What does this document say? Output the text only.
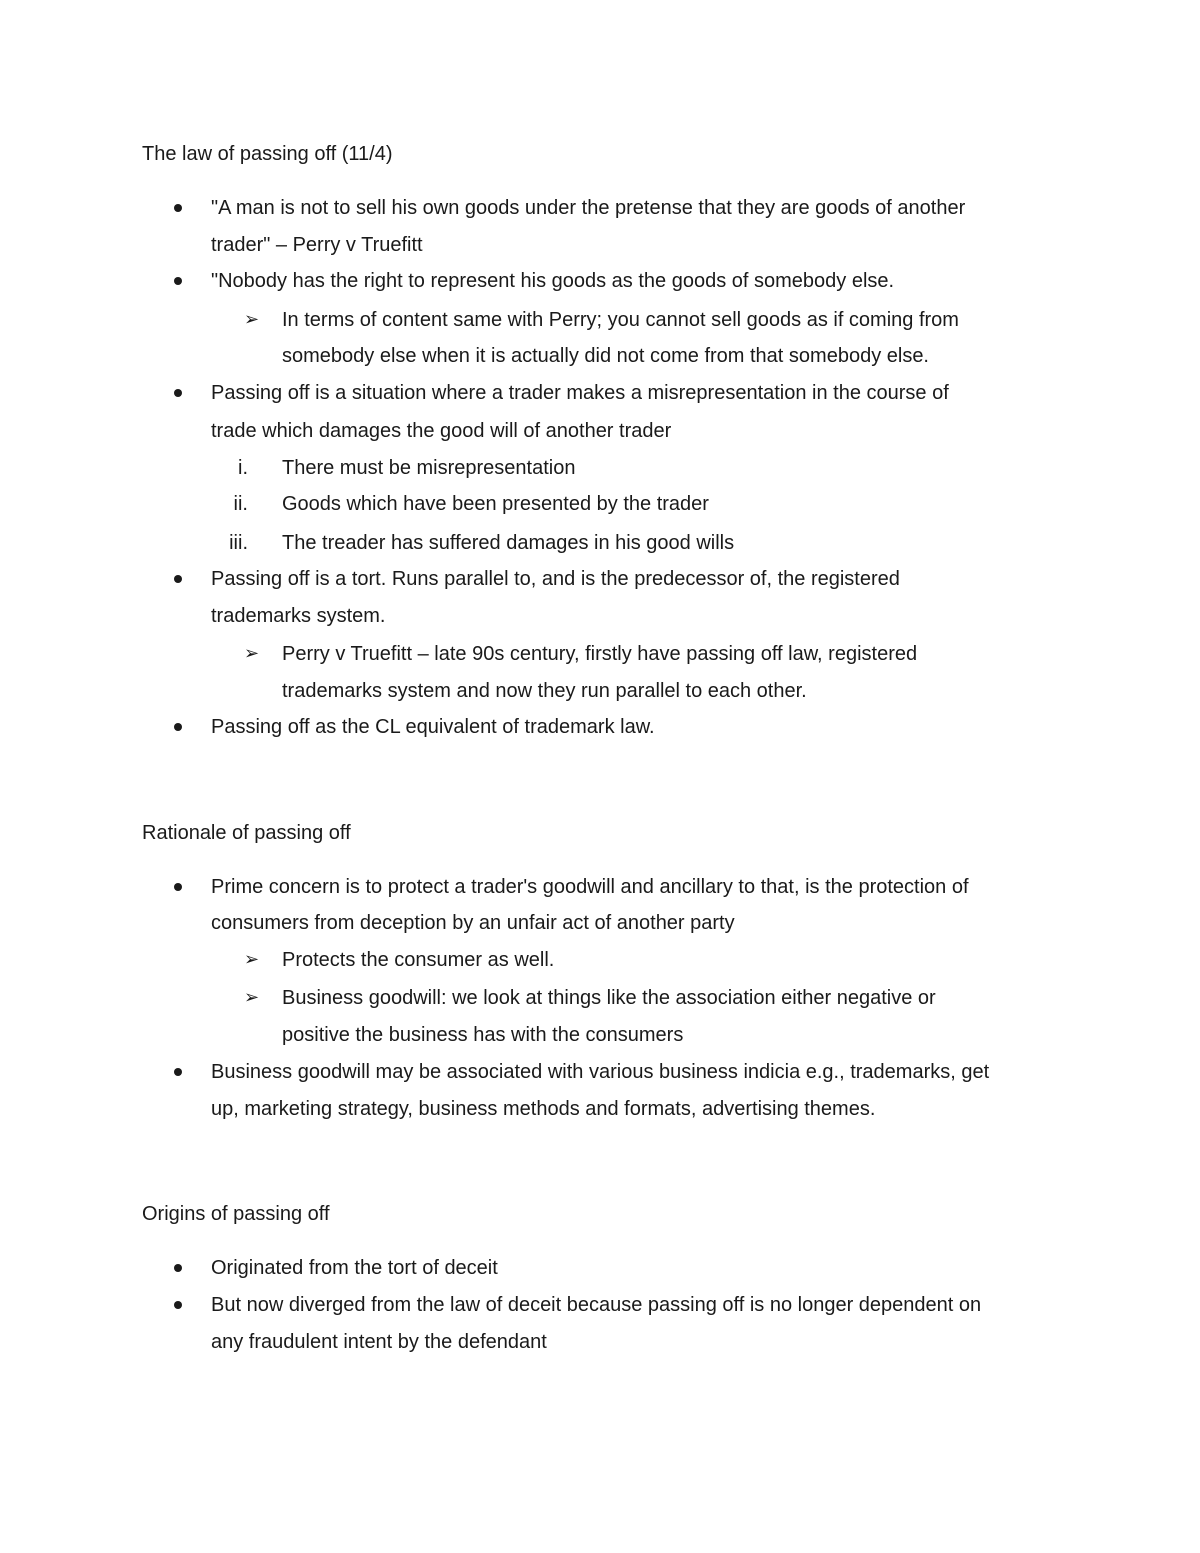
The law of passing off (11/4)
"A man is not to sell his own goods under the pretense that they are goods of another
trader" – Perry v Truefitt
"Nobody has the right to represent his goods as the goods of somebody else.
➢ In terms of content same with Perry; you cannot sell goods as if coming from
somebody else when it is actually did not come from that somebody else.
Passing off is a situation where a trader makes a misrepresentation in the course of
trade which damages the good will of another trader
i. There must be misrepresentation
ii. Goods which have been presented by the trader
iii. The treader has suffered damages in his good wills
Passing off is a tort. Runs parallel to, and is the predecessor of, the registered
trademarks system.
➢ Perry v Truefitt – late 90s century, firstly have passing off law, registered
trademarks system and now they run parallel to each other.
Passing off as the CL equivalent of trademark law.
Rationale of passing off
Prime concern is to protect a trader's goodwill and ancillary to that, is the protection of
consumers from deception by an unfair act of another party
➢ Protects the consumer as well.
➢ Business goodwill: we look at things like the association either negative or
positive the business has with the consumers
Business goodwill may be associated with various business indicia e.g., trademarks, get
up, marketing strategy, business methods and formats, advertising themes.
Origins of passing off
Originated from the tort of deceit
But now diverged from the law of deceit because passing off is no longer dependent on
any fraudulent intent by the defendant
